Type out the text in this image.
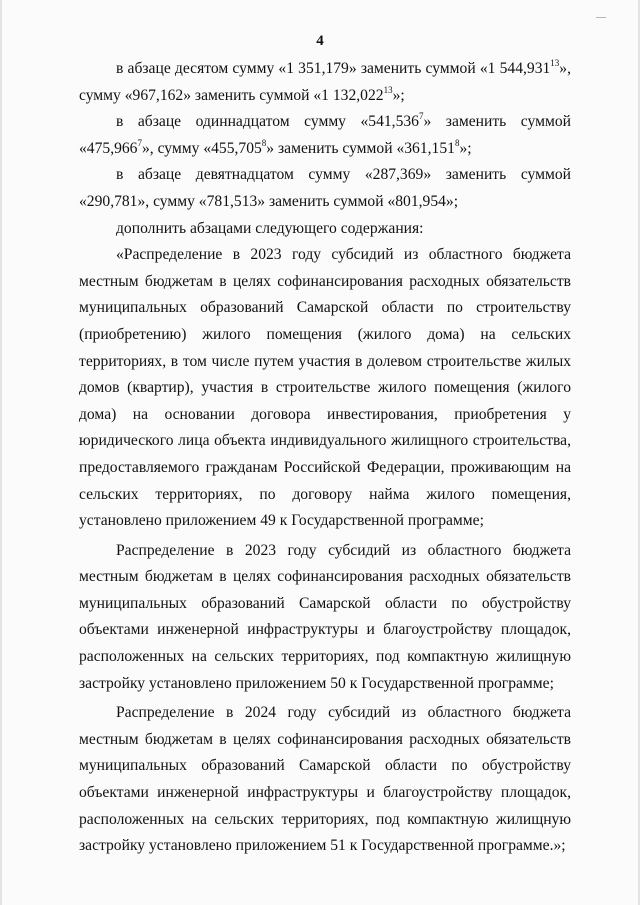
—
4

в абзаце десятом сумму «1 351,179» заменить суммой «1 544,931$^{13}$», сумму «967,162» заменить суммой «1 132,022$^{13}$»;

в абзаце одиннадцатом сумму «541,536$^7$» заменить суммой «475,966$^7$», сумму «455,705$^8$» заменить суммой «361,151$^8$»;

в абзаце девятнадцатом сумму «287,369» заменить суммой «290,781», сумму «781,513» заменить суммой «801,954»;

дополнить абзацами следующего содержания:

«Распределение в 2023 году субсидий из областного бюджета местным бюджетам в целях софинансирования расходных обязательств муниципальных образований Самарской области по строительству (приобретению) жилого помещения (жилого дома) на сельских территориях, в том числе путем участия в долевом строительстве жилых домов (квартир), участия в строительстве жилого помещения (жилого дома) на основании договора инвестирования, приобретения у юридического лица объекта индивидуального жилищного строительства, предоставляемого гражданам Российской Федерации, проживающим на сельских территориях, по договору найма жилого помещения, установлено приложением 49 к Государственной программе;

Распределение в 2023 году субсидий из областного бюджета местным бюджетам в целях софинансирования расходных обязательств муниципальных образований Самарской области по обустройству объектами инженерной инфраструктуры и благоустройству площадок, расположенных на сельских территориях, под компактную жилищную застройку установлено приложением 50 к Государственной программе;

Распределение в 2024 году субсидий из областного бюджета местным бюджетам в целях софинансирования расходных обязательств муниципальных образований Самарской области по обустройству объектами инженерной инфраструктуры и благоустройству площадок, расположенных на сельских территориях, под компактную жилищную застройку установлено приложением 51 к Государственной программе.»;
